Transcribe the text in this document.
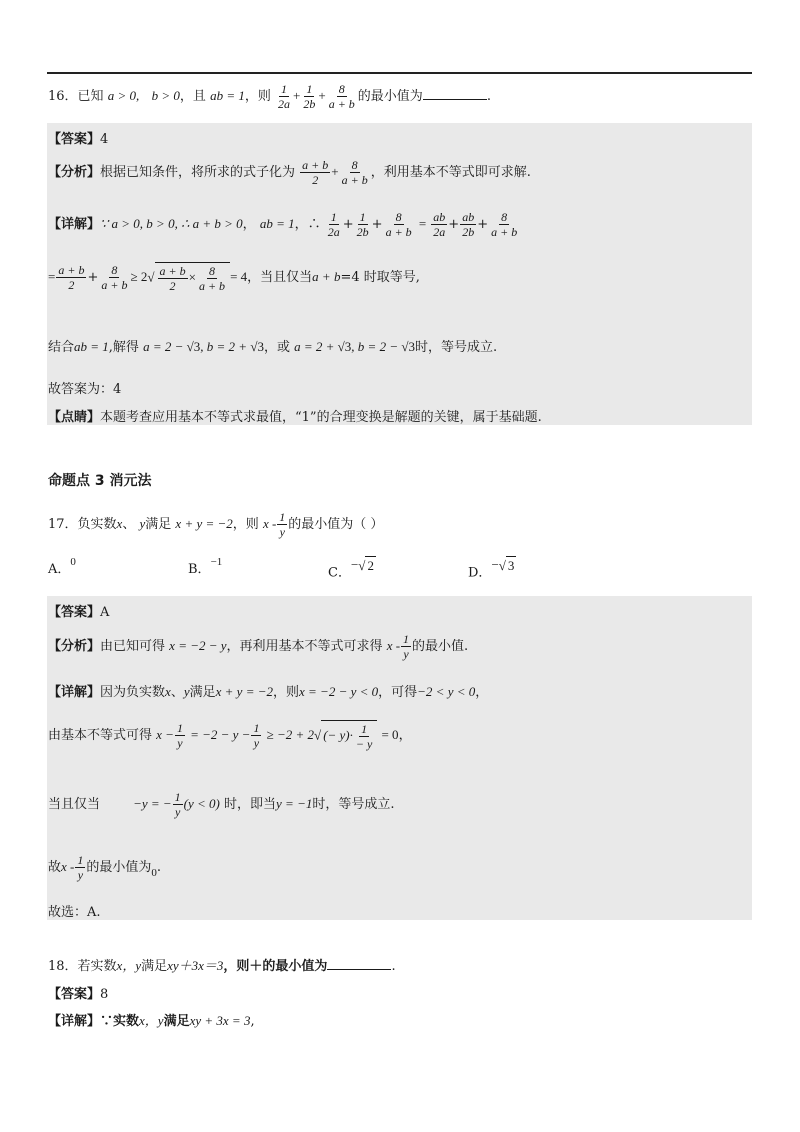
16．已知 a > 0, b > 0，且 ab = 1，则 $\frac{1}{2a} + \frac{1}{2b} + \frac{8}{a + b}$ 的最小值为	.
【答案】4
【分析】根据已知条件，将所求的式子化为 $\frac{a + b}{2} + \frac{8}{a + b}$ ，利用基本不等式即可求解.
【详解】∵ a > 0, b > 0, ∴ a + b > 0， ab = 1，∴ $\frac{1}{2a} + \frac{1}{2b} + \frac{8}{a + b} = \frac{ab}{2a} + \frac{ab}{2b} + \frac{8}{a + b}$
= $\frac{a + b}{2} + \frac{8}{a + b} \ge 2√ \frac{a + b}{2} \times \frac{8}{a + b} = 4$，当且仅当a + b=4 时取等号,
结合ab = 1,解得 a = 2 − √3, b = 2 + √3，或 a = 2 + √3, b = 2 − √3时，等号成立.
故答案为：4
【点睛】本题考查应用基本不等式求最值，“1”的合理变换是解题的关键，属于基础题.
命题点 3 消元法
17．负实数x、 y满足 x + y = −2，则 x - $\frac{1}{y}$ 的最小值为（ ）
A．$^0$	B．$^{-1}$
C．−√ 2	D．−√ 3
【答案】A
【分析】由已知可得 x = −2 − y，再利用基本不等式可求得 x - $\frac{1}{y}$ 的最小值.
【详解】因为负实数x、y满足x + y = −2，则x = −2 − y < 0，可得−2 < y < 0，
由基本不等式可得 $x - \frac{1}{y} = -2 - y - \frac{1}{y} \ge -2 + 2√$ (− $y)\cdot \frac{1}{- y} = 0$，
当且仅当	−y = − $\frac{1}{y} (y < 0)$ 时，即当y = −1时，等号成立.
故x - $\frac{1}{y}$ 的最小值为$_0$.
故选：A.
18．若实数x，y满足xy＋3x＝3，则＋的最小值为	.
【答案】8
【详解】∵实数x，y满足xy + 3x = 3,
